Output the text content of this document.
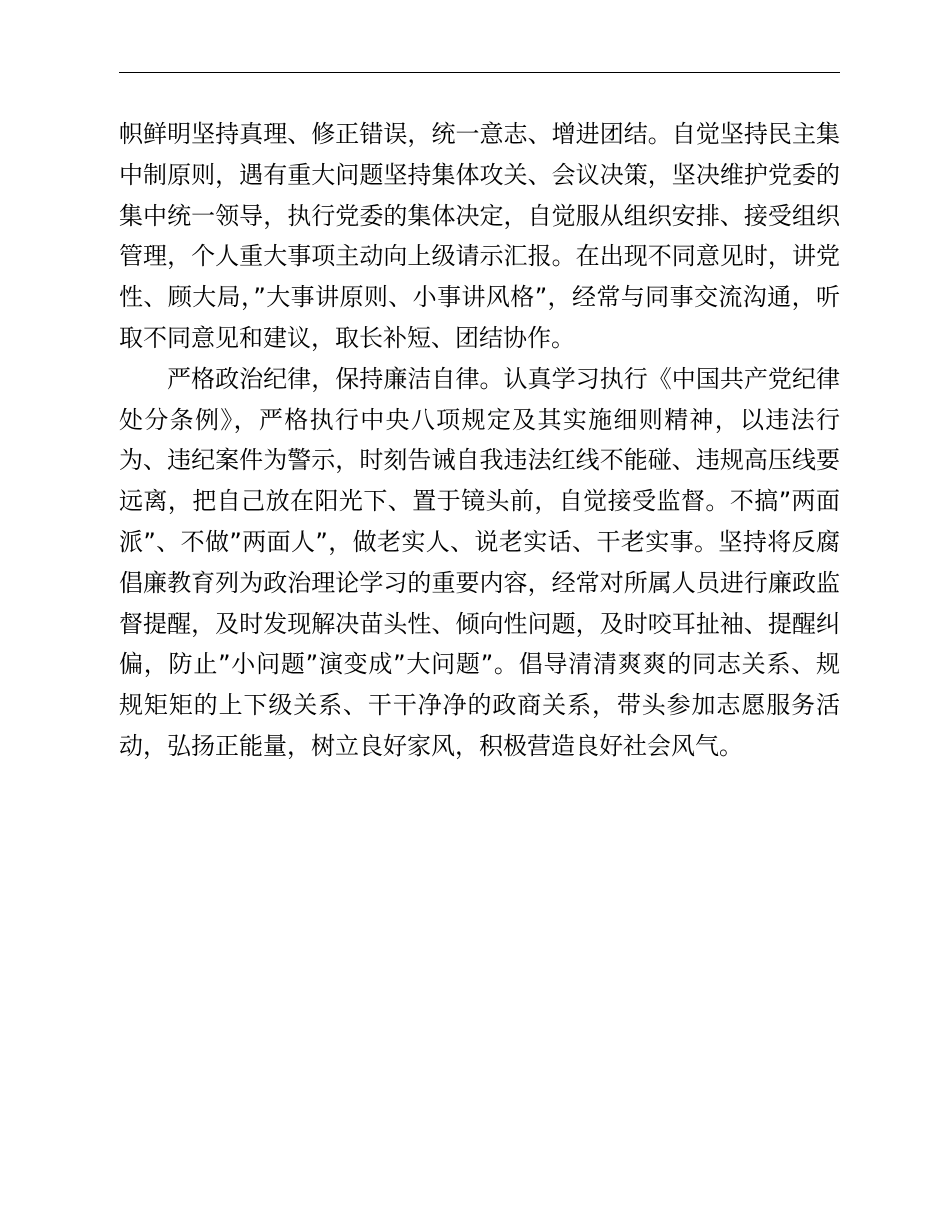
帜鲜明坚持真理、修正错误，统一意志、增进团结。自觉坚持民主集中制原则，遇有重大问题坚持集体攻关、会议决策，坚决维护党委的集中统一领导，执行党委的集体决定，自觉服从组织安排、接受组织管理，个人重大事项主动向上级请示汇报。在出现不同意见时，讲党性、顾大局，”大事讲原则、小事讲风格”，经常与同事交流沟通，听取不同意见和建议，取长补短、团结协作。

严格政治纪律，保持廉洁自律。认真学习执行《中国共产党纪律处分条例》，严格执行中央八项规定及其实施细则精神，以违法行为、违纪案件为警示，时刻告诫自我违法红线不能碰、违规高压线要远离，把自己放在阳光下、置于镜头前，自觉接受监督。不搞”两面派”、不做”两面人”，做老实人、说老实话、干老实事。坚持将反腐倡廉教育列为政治理论学习的重要内容，经常对所属人员进行廉政监督提醒，及时发现解决苗头性、倾向性问题，及时咬耳扯袖、提醒纠偏，防止”小问题”演变成”大问题”。倡导清清爽爽的同志关系、规规矩矩的上下级关系、干干净净的政商关系，带头参加志愿服务活动，弘扬正能量，树立良好家风，积极营造良好社会风气。
